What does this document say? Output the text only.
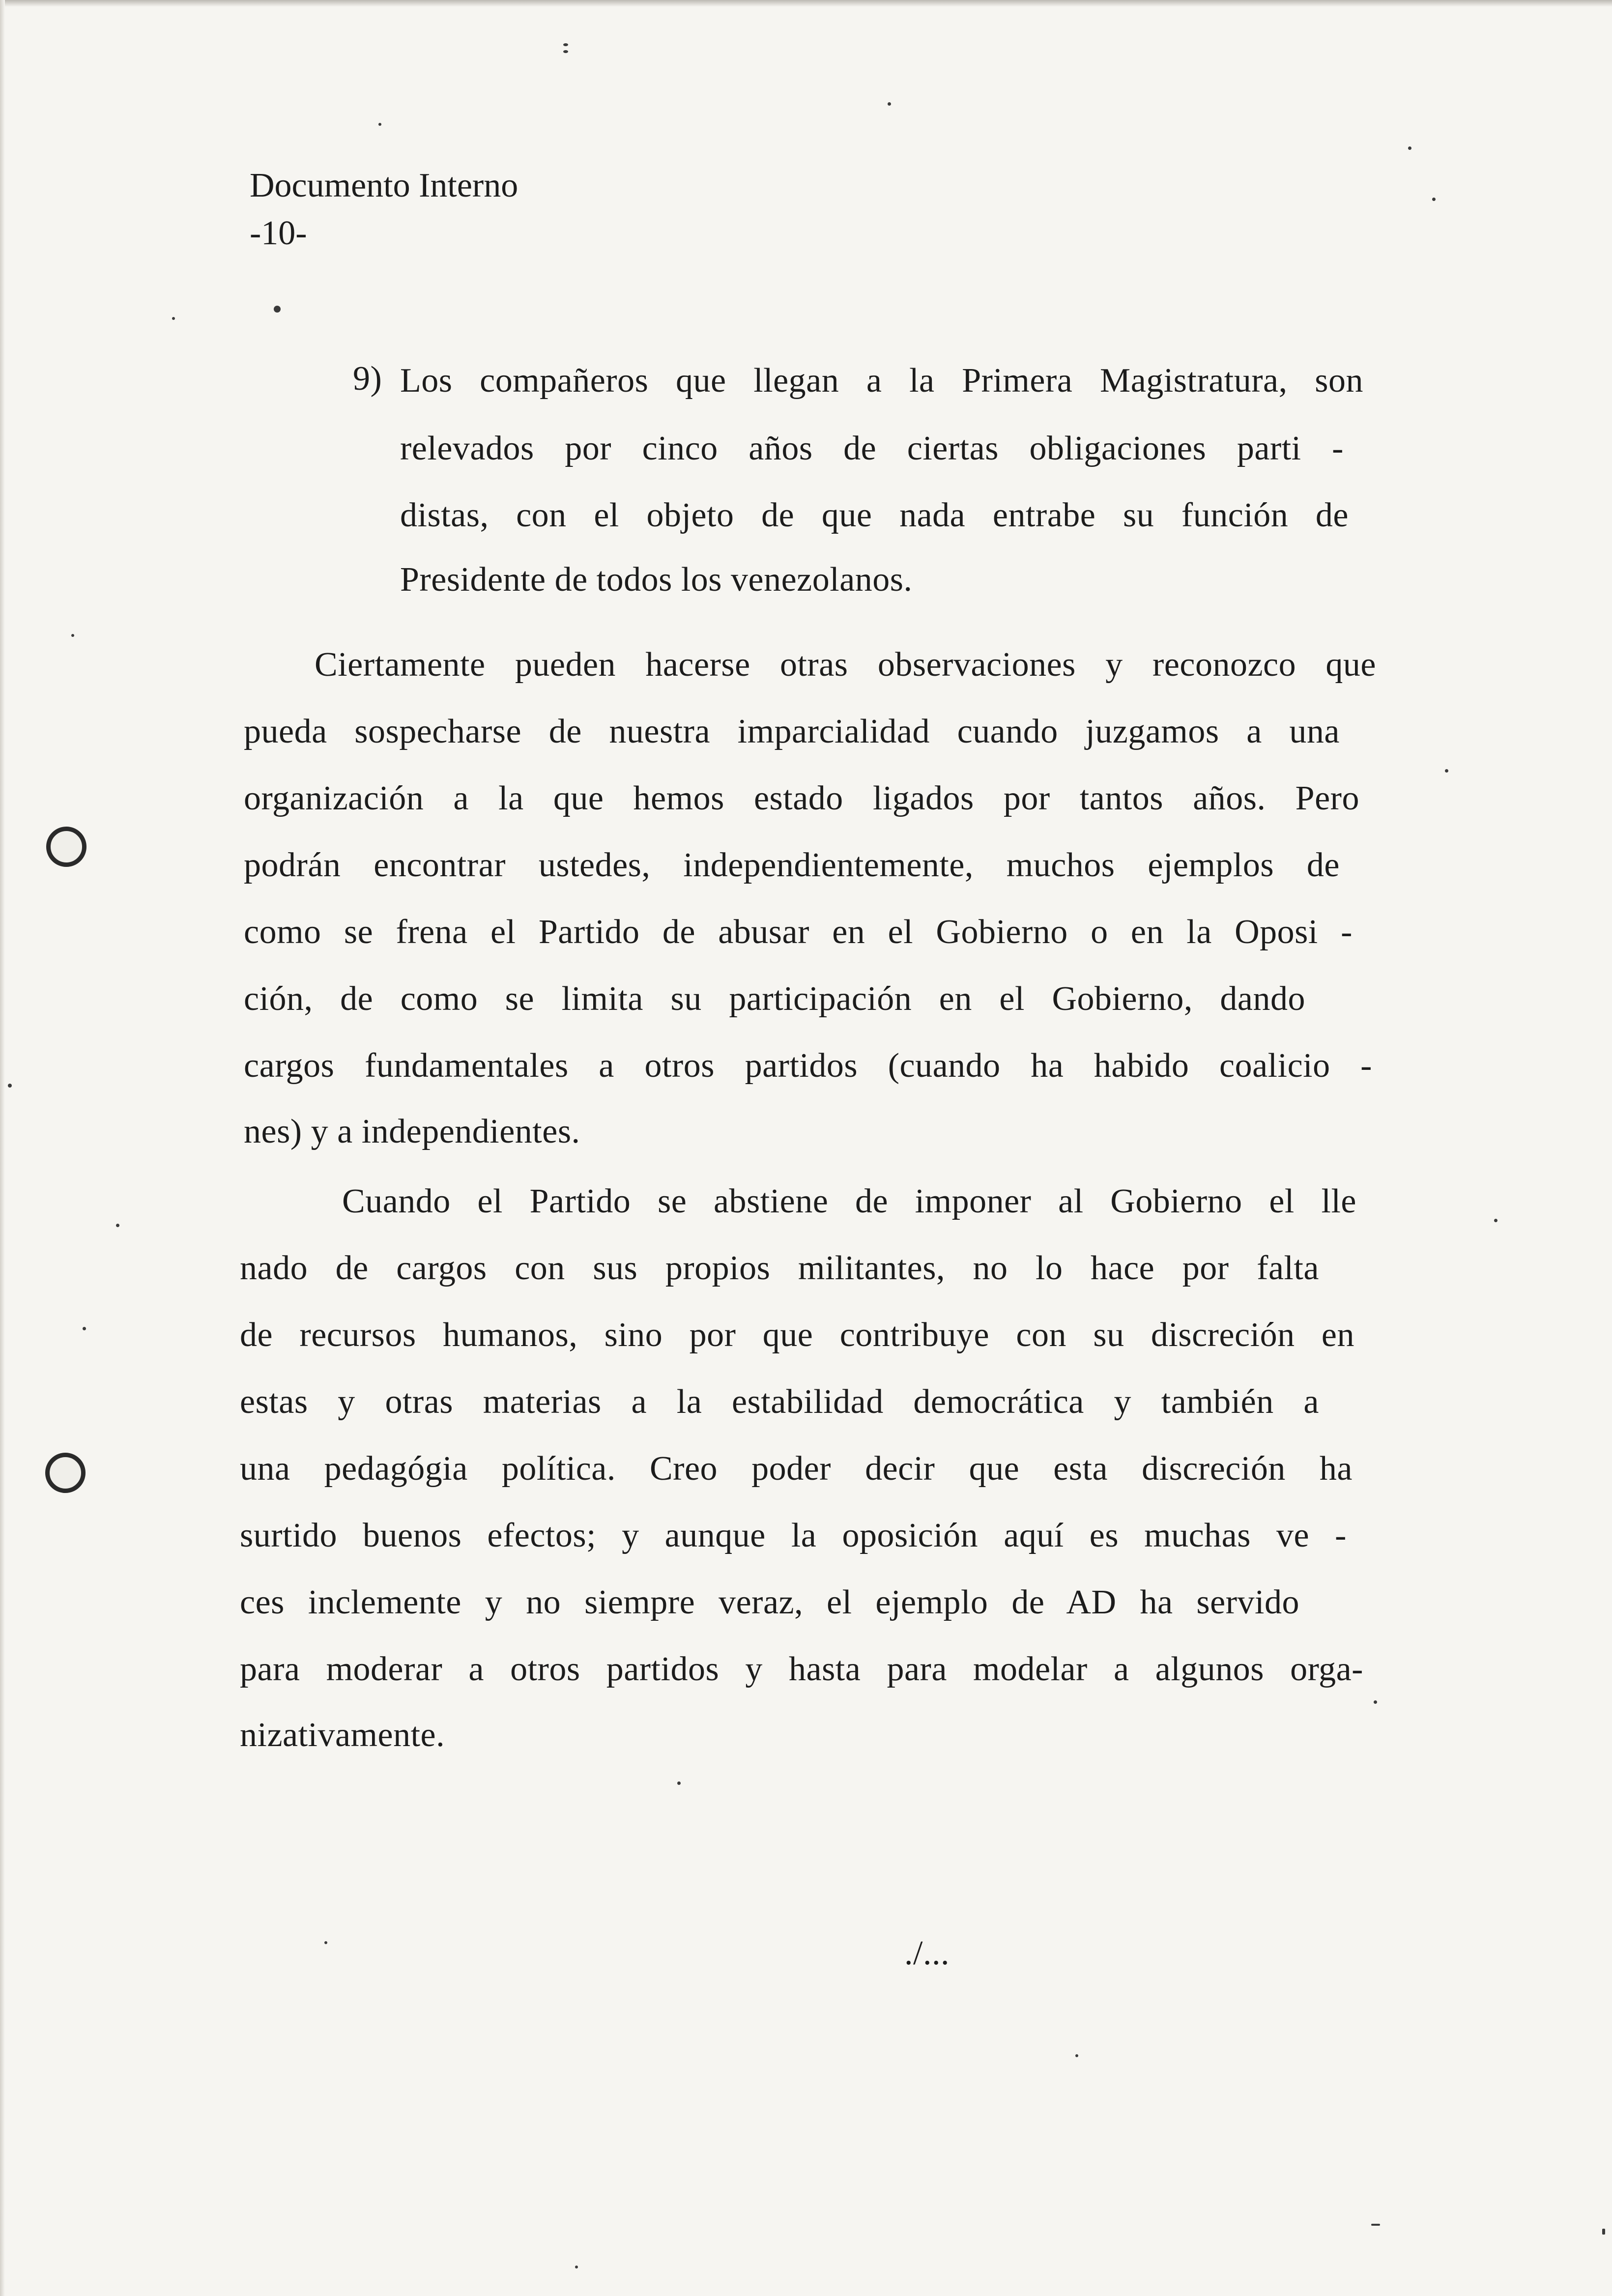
Documento Interno
-10-
9) Los compañeros que llegan a la Primera Magistratura, son
relevados por cinco años de ciertas obligaciones parti -
distas, con el objeto de que nada entrabe su función de
Presidente de todos los venezolanos.
Ciertamente pueden hacerse otras observaciones y reconozco que
pueda sospecharse de nuestra imparcialidad cuando juzgamos a una
organización a la que hemos estado ligados por tantos años. Pero
podrán encontrar ustedes, independientemente, muchos ejemplos de
como se frena el Partido de abusar en el Gobierno o en la Oposi -
ción, de como se limita su participación en el Gobierno, dando
cargos fundamentales a otros partidos (cuando ha habido coalicio -
nes) y a independientes.
Cuando el Partido se abstiene de imponer al Gobierno el lle
nado de cargos con sus propios militantes, no lo hace por falta
de recursos humanos, sino por que contribuye con su discreción en
estas y otras materias a la estabilidad democrática y también a
una pedagógia política. Creo poder decir que esta discreción ha
surtido buenos efectos; y aunque la oposición aquí es muchas ve -
ces inclemente y no siempre veraz, el ejemplo de AD ha servido
para moderar a otros partidos y hasta para modelar a algunos orga-
nizativamente.
./...
